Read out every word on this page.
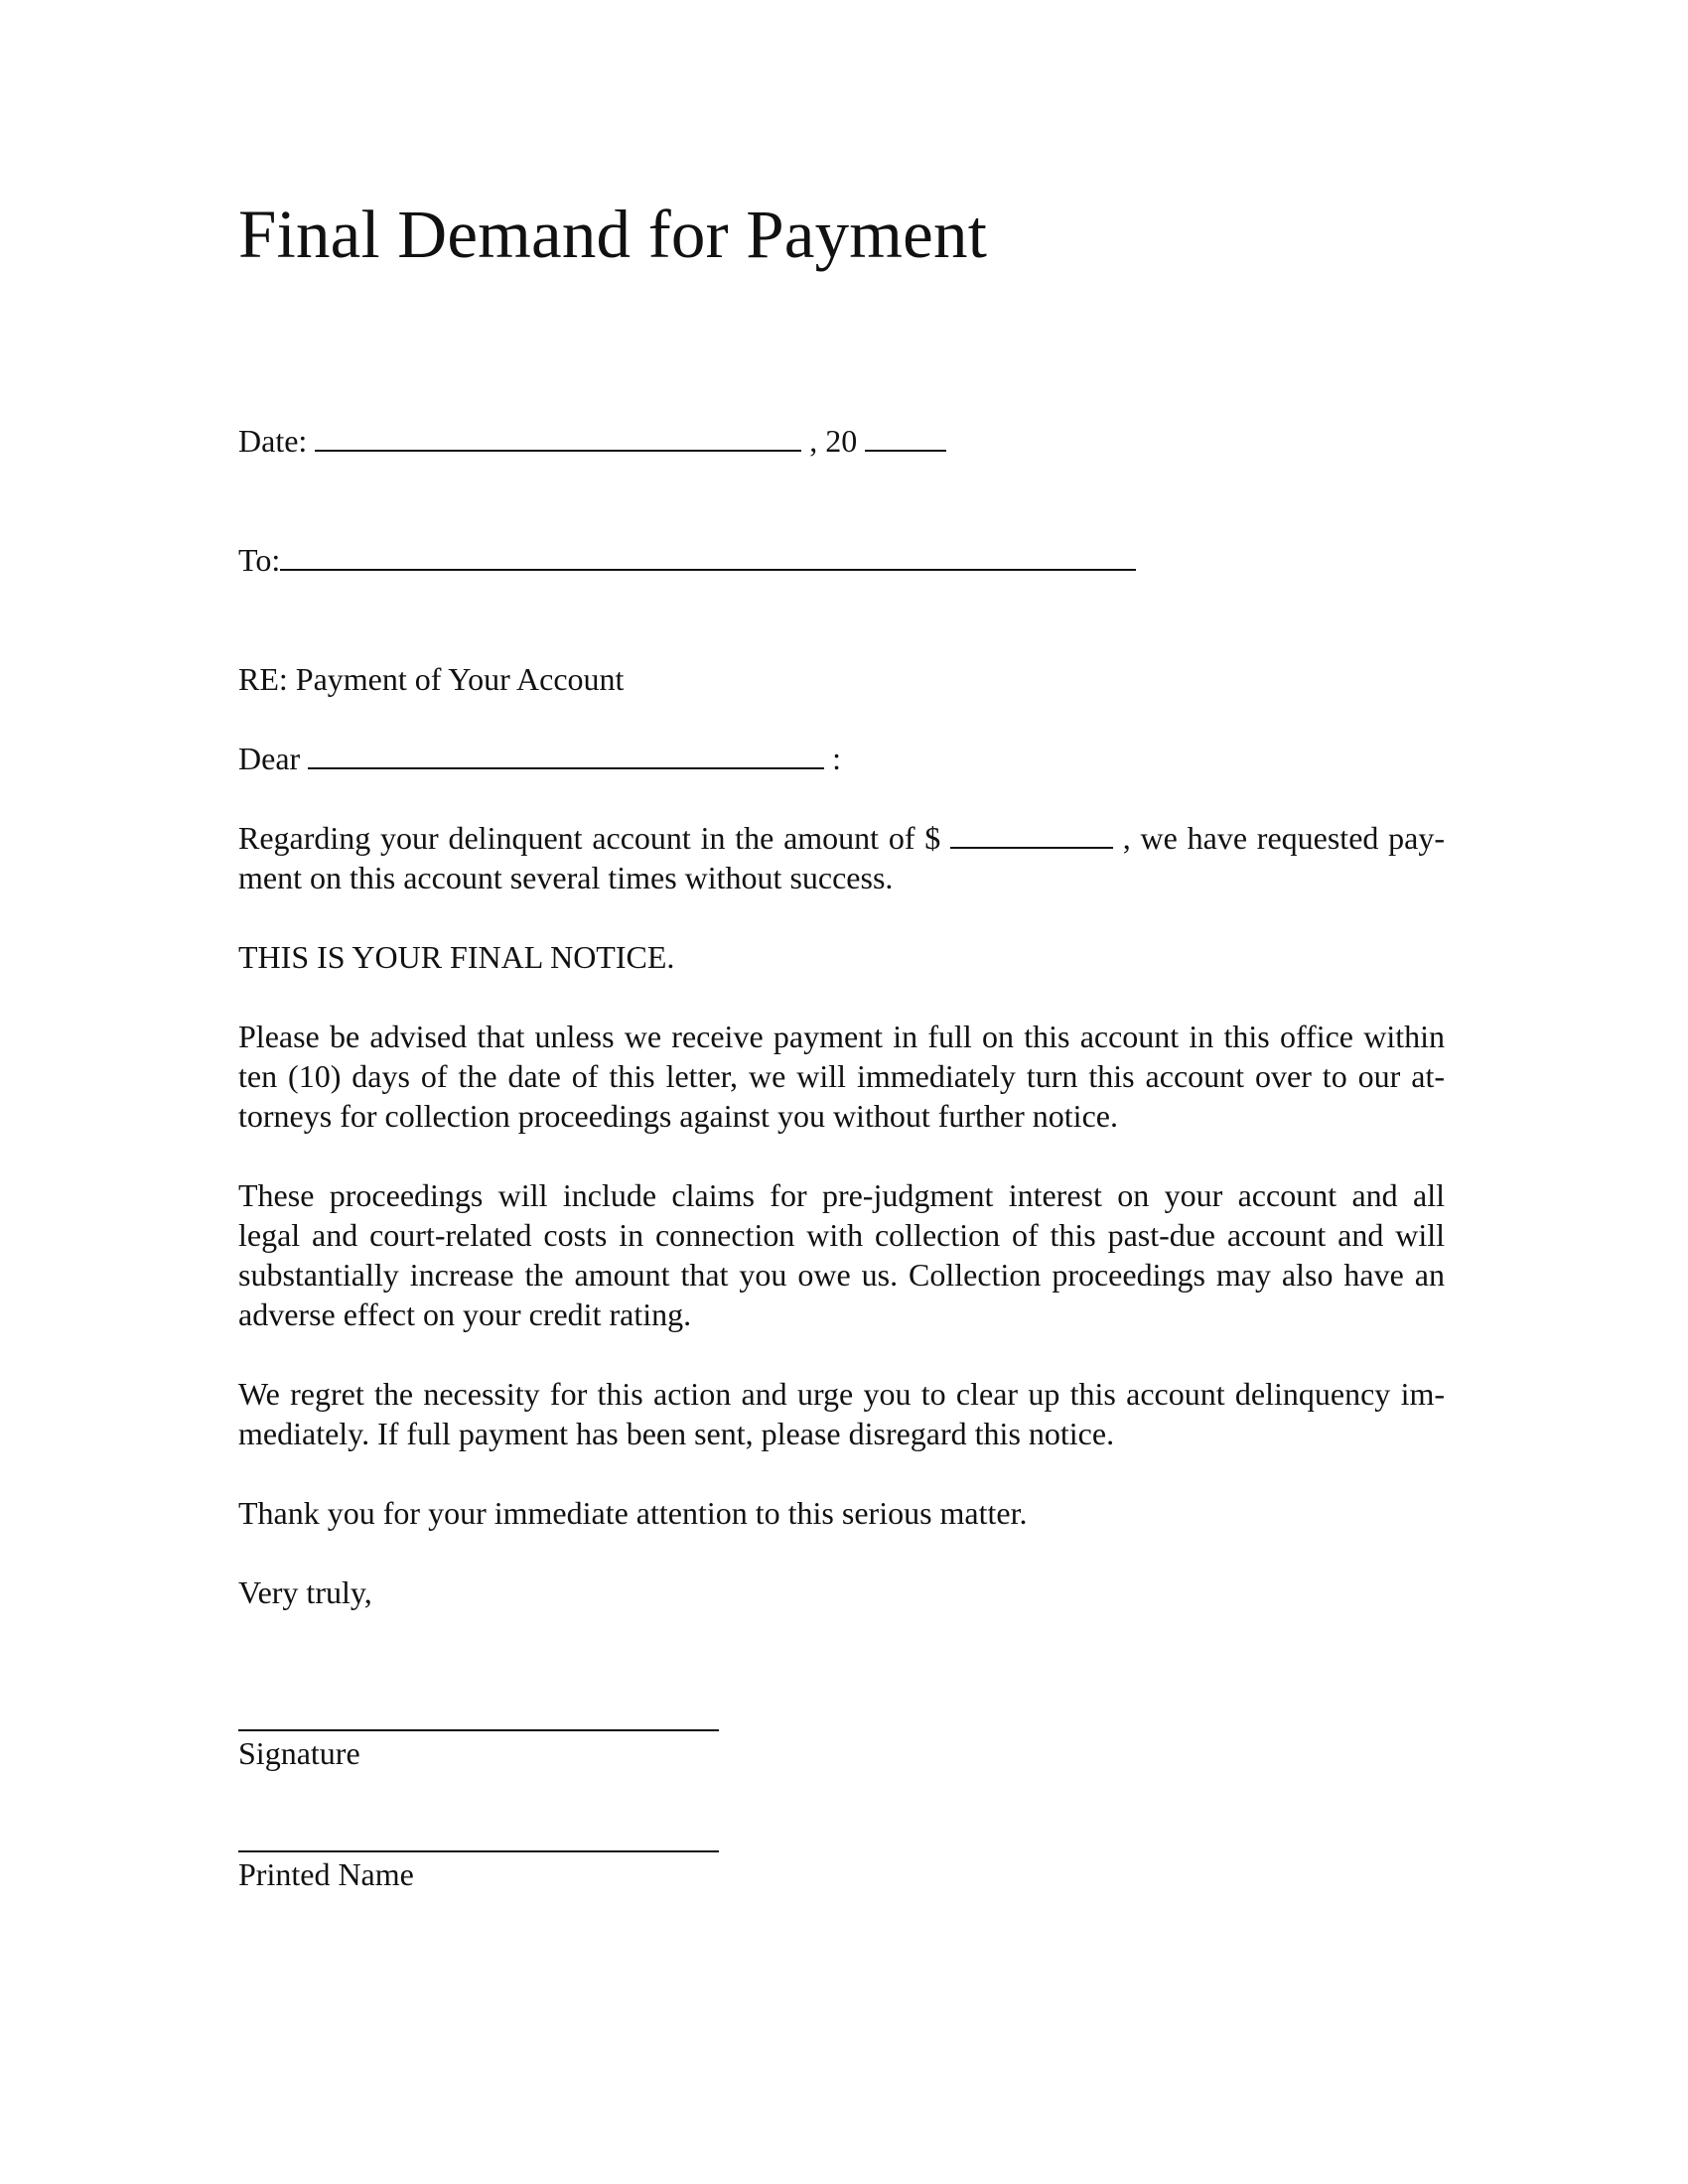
Final Demand for Payment
Date:	, 20
To:
RE: Payment of Your Account
Dear	:
Regarding your delinquent account in the amount of $	, we have requested pay-
ment on this account several times without success.
THIS IS YOUR FINAL NOTICE.
Please be advised that unless we receive payment in full on this account in this office within
ten (10) days of the date of this letter, we will immediately turn this account over to our at-
torneys for collection proceedings against you without further notice.
These proceedings will include claims for pre-judgment interest on your account and all
legal and court-related costs in connection with collection of this past-due account and will
substantially increase the amount that you owe us. Collection proceedings may also have an
adverse effect on your credit rating.
We regret the necessity for this action and urge you to clear up this account delinquency im-
mediately. If full payment has been sent, please disregard this notice.
Thank you for your immediate attention to this serious matter.
Very truly,
Signature
Printed Name
